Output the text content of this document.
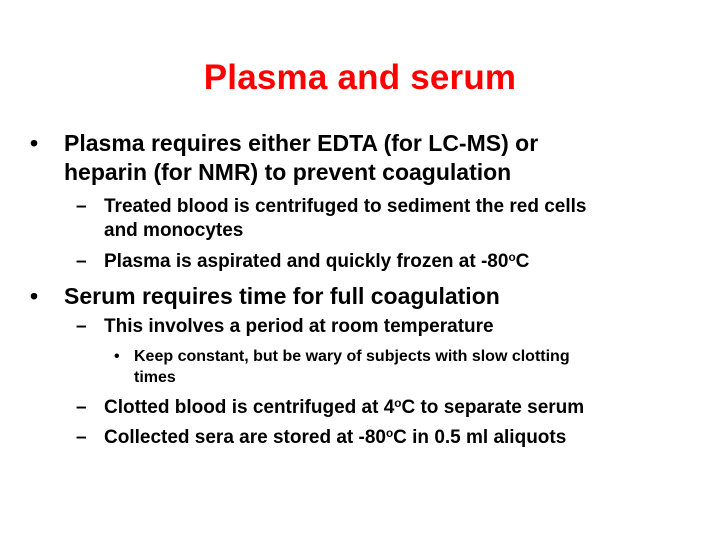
Plasma and serum
• Plasma requires either EDTA (for LC-MS) or
heparin (for NMR) to prevent coagulation
– Treated blood is centrifuged to sediment the red cells
and monocytes
– Plasma is aspirated and quickly frozen at -80$^o$C
• Serum requires time for full coagulation
– This involves a period at room temperature
• Keep constant, but be wary of subjects with slow clotting
times
– Clotted blood is centrifuged at 4$^o$C to separate serum
– Collected sera are stored at -80$^o$C in 0.5 ml aliquots
